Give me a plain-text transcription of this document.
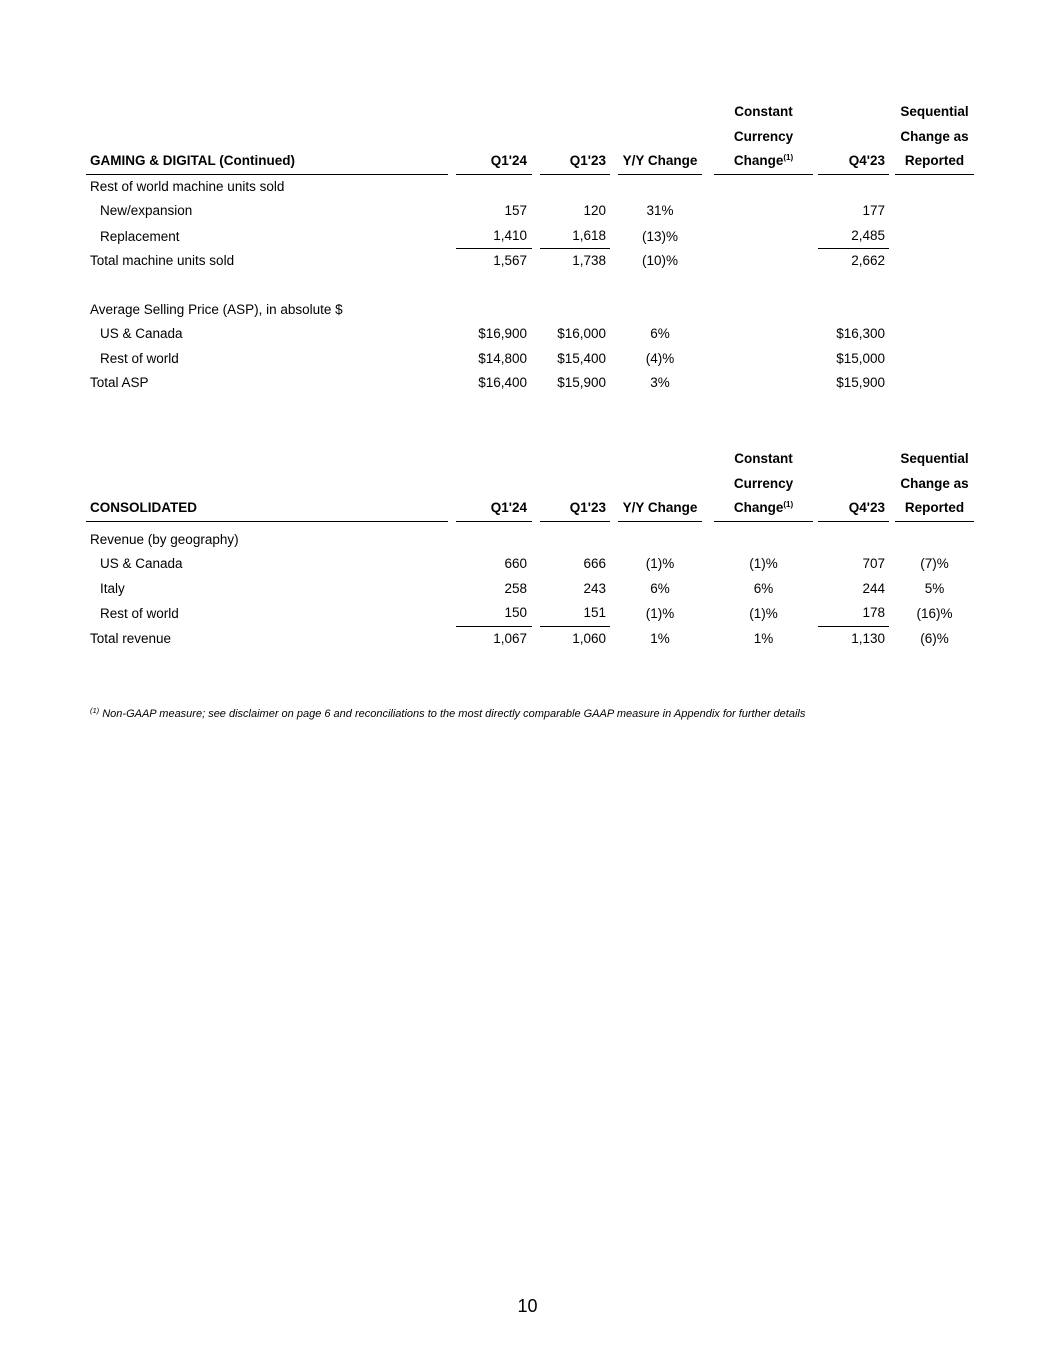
								Constant				Sequential
								Currency				Change as
GAMING & DIGITAL (Continued)		Q1'24		Q1'23		Y/Y Change		Change$^{(1)}$		Q4'23		Reported
Rest of world machine units sold												
New/expansion		157		120		31%				177		
Replacement		1,410		1,618		(13)%				2,485		
Total machine units sold		1,567		1,738		(10)%				2,662		

Average Selling Price (ASP), in absolute $												
US & Canada		$16,900		$16,000		6%				$16,300		
Rest of world		$14,800		$15,400		(4)%				$15,000		
Total ASP		$16,400		$15,900		3%				$15,900		
								Constant				Sequential
								Currency				Change as
CONSOLIDATED		Q1'24		Q1'23		Y/Y Change		Change$^{(1)}$		Q4'23		Reported

Revenue (by geography)												
US & Canada		660		666		(1)%		(1)%		707		(7)%
Italy		258		243		6%		6%		244		5%
Rest of world		150		151		(1)%		(1)%		178		(16)%
Total revenue		1,067		1,060		1%		1%		1,130		(6)%
$^{(1)}$ Non-GAAP measure; see disclaimer on page 6 and reconciliations to the most directly comparable GAAP measure in Appendix for further details
10
